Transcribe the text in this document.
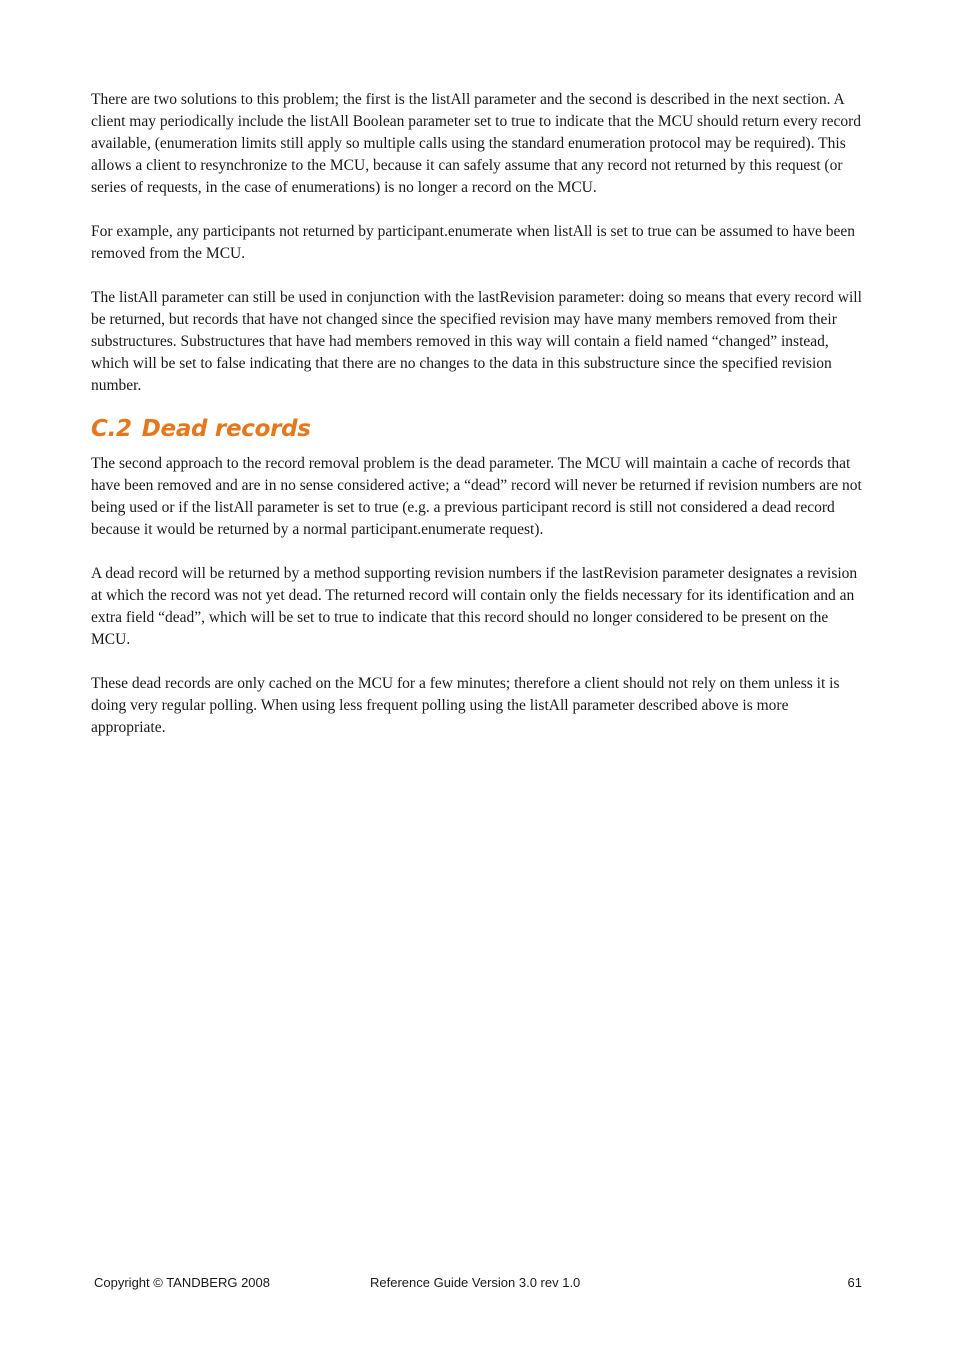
There are two solutions to this problem; the first is the listAll parameter and the second is described in the next section. A client may periodically include the listAll Boolean parameter set to true to indicate that the MCU should return every record available, (enumeration limits still apply so multiple calls using the standard enumeration protocol may be required). This allows a client to resynchronize to the MCU, because it can safely assume that any record not returned by this request (or series of requests, in the case of enumerations) is no longer a record on the MCU.

For example, any participants not returned by participant.enumerate when listAll is set to true can be assumed to have been removed from the MCU.

The listAll parameter can still be used in conjunction with the lastRevision parameter: doing so means that every record will be returned, but records that have not changed since the specified revision may have many members removed from their substructures. Substructures that have had members removed in this way will contain a field named “changed” instead, which will be set to false indicating that there are no changes to the data in this substructure since the specified revision number.

C.2 Dead records

The second approach to the record removal problem is the dead parameter. The MCU will maintain a cache of records that have been removed and are in no sense considered active; a “dead” record will never be returned if revision numbers are not being used or if the listAll parameter is set to true (e.g. a previous participant record is still not considered a dead record because it would be returned by a normal participant.enumerate request).

A dead record will be returned by a method supporting revision numbers if the lastRevision parameter designates a revision at which the record was not yet dead. The returned record will contain only the fields necessary for its identification and an extra field “dead”, which will be set to true to indicate that this record should no longer considered to be present on the MCU.

These dead records are only cached on the MCU for a few minutes; therefore a client should not rely on them unless it is doing very regular polling. When using less frequent polling using the listAll parameter described above is more appropriate.

Copyright © TANDBERG 2008	Reference Guide Version 3.0 rev 1.0	61
